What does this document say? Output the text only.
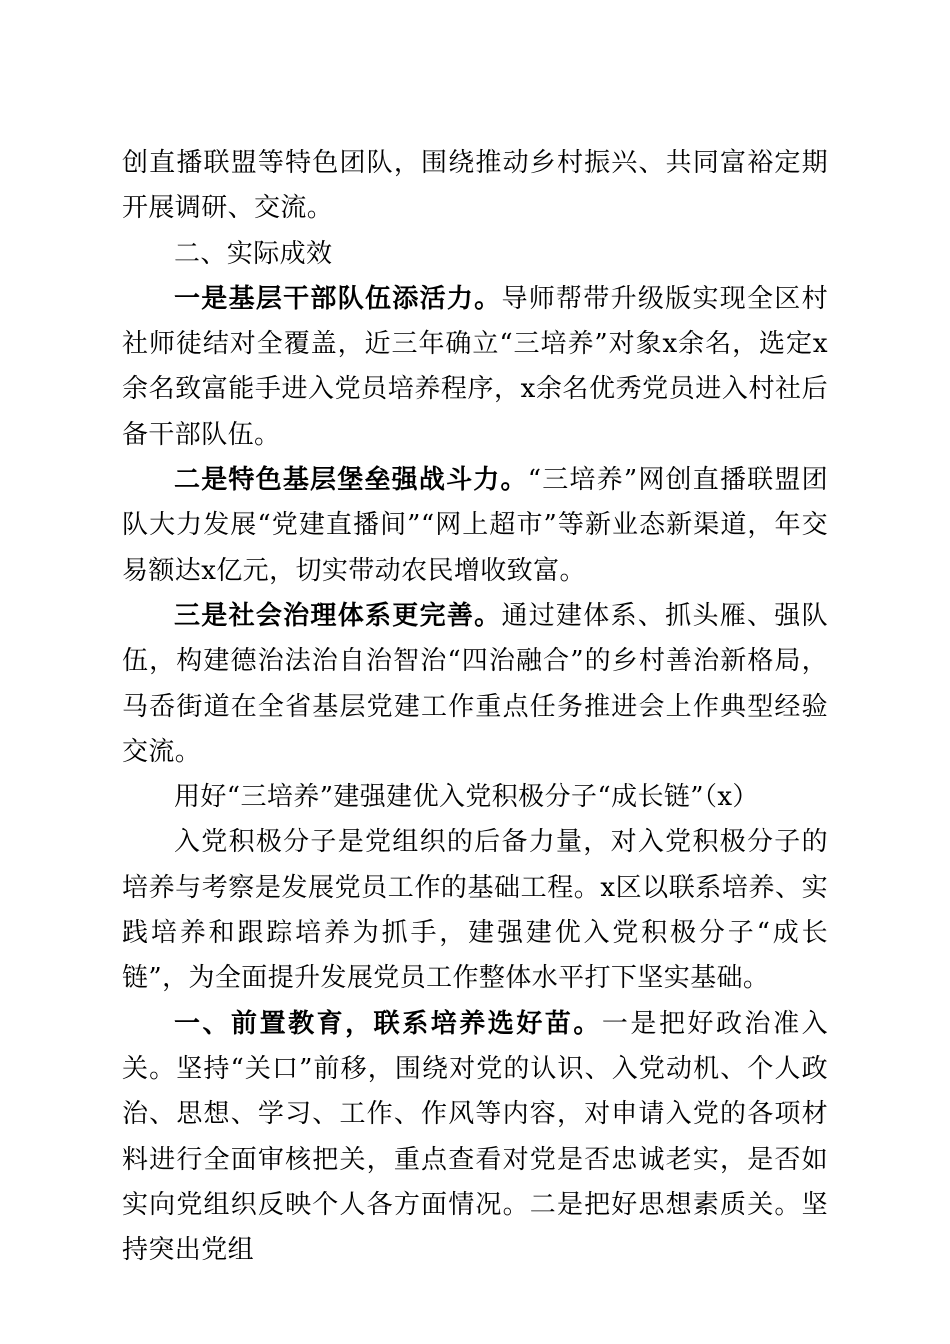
创直播联盟等特色团队，围绕推动乡村振兴、共同富裕定期开展调研、交流。

二、实际成效

一是基层干部队伍添活力。导师帮带升级版实现全区村社师徒结对全覆盖，近三年确立“三培养”对象x余名，选定x余名致富能手进入党员培养程序，x余名优秀党员进入村社后备干部队伍。

二是特色基层堡垒强战斗力。“三培养”网创直播联盟团队大力发展“党建直播间”“网上超市”等新业态新渠道，年交易额达x亿元，切实带动农民增收致富。

三是社会治理体系更完善。通过建体系、抓头雁、强队伍，构建德治法治自治智治“四治融合”的乡村善治新格局，马岙街道在全省基层党建工作重点任务推进会上作典型经验交流。

用好“三培养”建强建优入党积极分子“成长链”（x）

入党积极分子是党组织的后备力量，对入党积极分子的培养与考察是发展党员工作的基础工程。x区以联系培养、实践培养和跟踪培养为抓手，建强建优入党积极分子“成长链”，为全面提升发展党员工作整体水平打下坚实基础。

一、前置教育，联系培养选好苗。一是把好政治准入关。坚持“关口”前移，围绕对党的认识、入党动机、个人政治、思想、学习、工作、作风等内容，对申请入党的各项材料进行全面审核把关，重点查看对党是否忠诚老实，是否如实向党组织反映个人各方面情况。二是把好思想素质关。坚持突出党组
